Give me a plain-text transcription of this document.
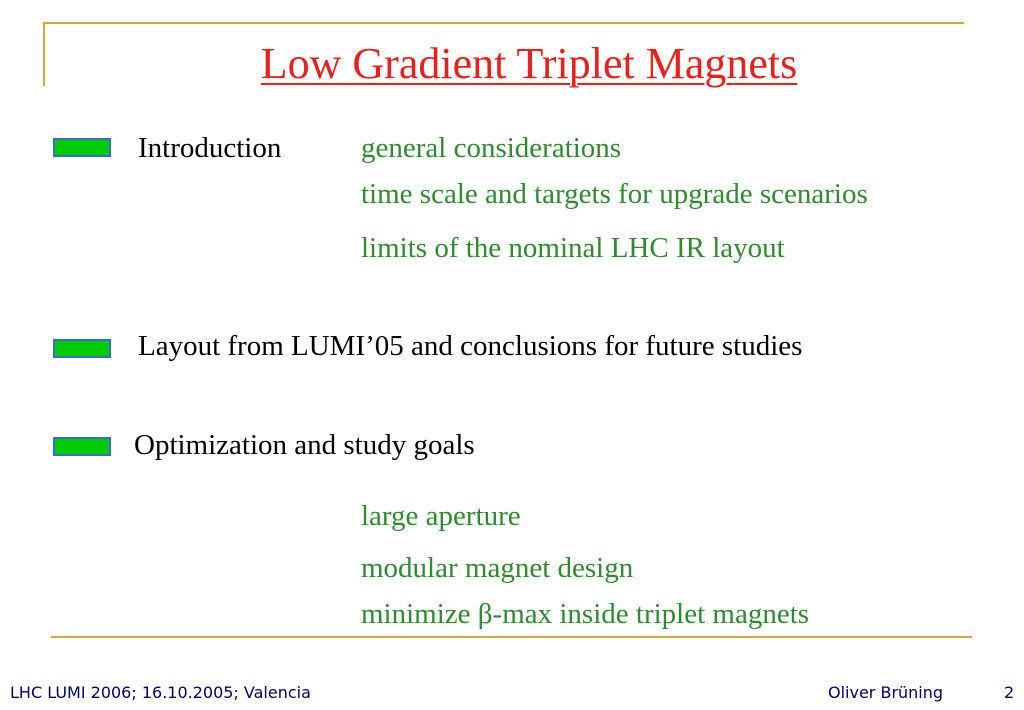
Low Gradient Triplet Magnets
Introduction	general considerations
time scale and targets for upgrade scenarios
limits of the nominal LHC IR layout
Layout from LUMI’05 and conclusions for future studies
Optimization and study goals
large aperture
modular magnet design
minimize β-max inside triplet magnets
LHC LUMI 2006; 16.10.2005; Valencia	Oliver Brüning	2
